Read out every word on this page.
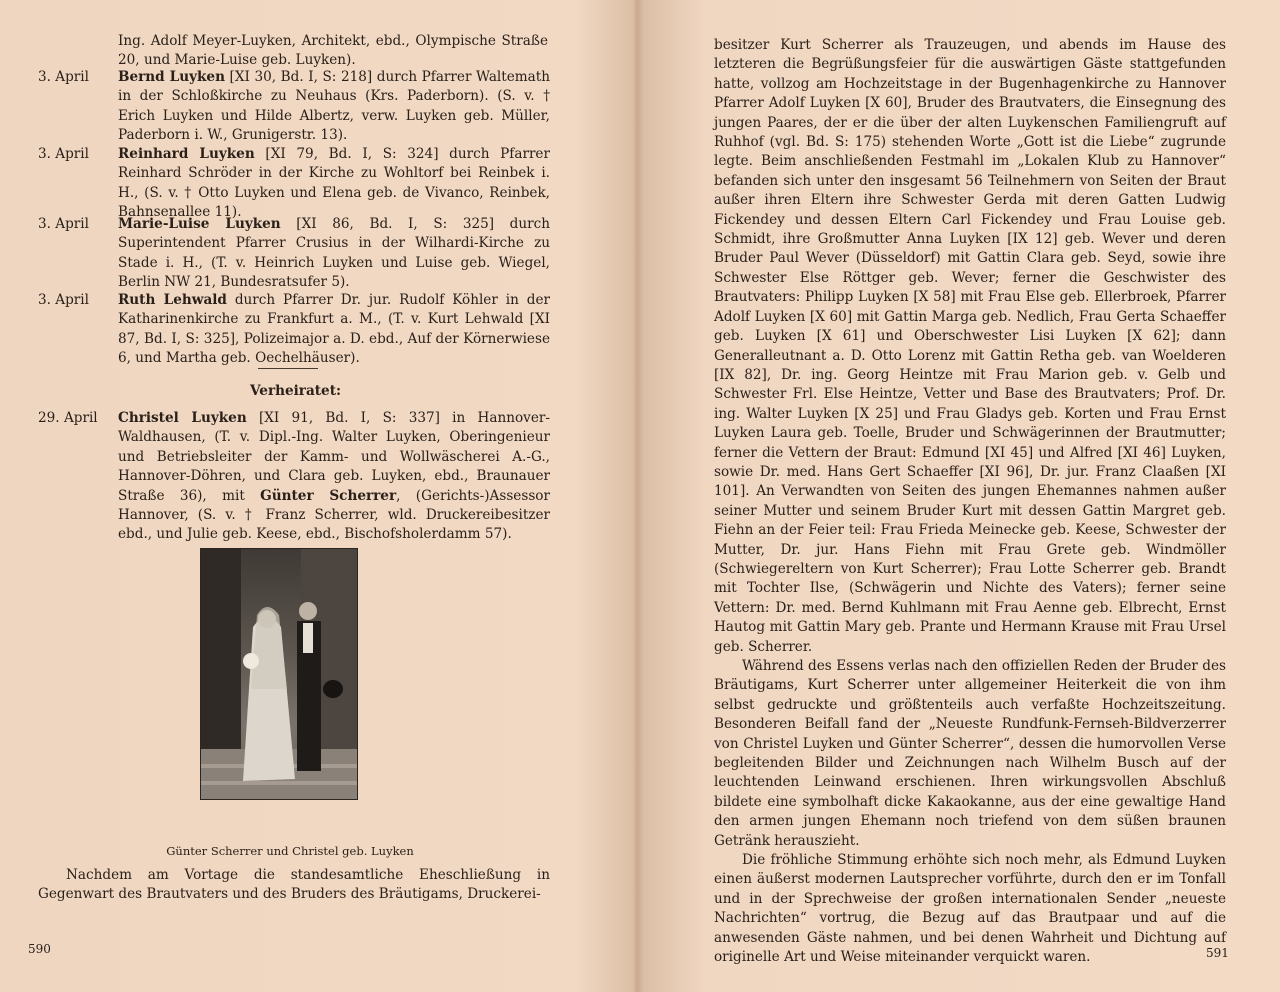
Ing. Adolf Meyer-Luyken, Architekt, ebd., Olympische Straße 20, und Marie-Luise geb. Luyken).
3. April	Bernd Luyken [XI 30, Bd. I, S: 218] durch Pfarrer Waltemath in der Schloßkirche zu Neuhaus (Krs. Paderborn). (S. v. † Erich Luyken und Hilde Albertz, verw. Luyken geb. Müller, Paderborn i. W., Grunigerstr. 13).
3. April	Reinhard Luyken [XI 79, Bd. I, S: 324] durch Pfarrer Reinhard Schröder in der Kirche zu Wohltorf bei Reinbek i. H., (S. v. † Otto Luyken und Elena geb. de Vivanco, Reinbek, Bahnsenallee 11).
3. April	Marie-Luise Luyken [XI 86, Bd. I, S: 325] durch Superintendent Pfarrer Crusius in der Wilhardi-Kirche zu Stade i. H., (T. v. Heinrich Luyken und Luise geb. Wiegel, Berlin NW 21, Bundesratsufer 5).
3. April	Ruth Lehwald durch Pfarrer Dr. jur. Rudolf Köhler in der Katharinenkirche zu Frankfurt a. M., (T. v. Kurt Lehwald [XI 87, Bd. I, S: 325], Polizeimajor a. D. ebd., Auf der Körnerwiese 6, und Martha geb. Oechelhäuser).
Verheiratet:
29. April	Christel Luyken [XI 91, Bd. I, S: 337] in Hannover-Waldhausen, (T. v. Dipl.-Ing. Walter Luyken, Oberingenieur und Betriebsleiter der Kamm- und Wollwäscherei A.-G., Hannover-Döhren, und Clara geb. Luyken, ebd., Braunauer Straße 36), mit Günter Scherrer, (Gerichts-)Assessor Hannover, (S. v. † Franz Scherrer, wld. Druckereibesitzer ebd., und Julie geb. Keese, ebd., Bischofsholerdamm 57).
Günter Scherrer und Christel geb. Luyken
Nachdem am Vortage die standesamtliche Eheschließung in Gegenwart des Brautvaters und des Bruders des Bräutigams, Druckerei-
590

besitzer Kurt Scherrer als Trauzeugen, und abends im Hause des letzteren die Begrüßungsfeier für die auswärtigen Gäste stattgefunden hatte, vollzog am Hochzeitstage in der Bugenhagenkirche zu Hannover Pfarrer Adolf Luyken [X 60], Bruder des Brautvaters, die Einsegnung des jungen Paares, der er die über der alten Luykenschen Familiengruft auf Ruhhof (vgl. Bd. S: 175) stehenden Worte „Gott ist die Liebe“ zugrunde legte. Beim anschließenden Festmahl im „Lokalen Klub zu Hannover“ befanden sich unter den insgesamt 56 Teilnehmern von Seiten der Braut außer ihren Eltern ihre Schwester Gerda mit deren Gatten Ludwig Fickendey und dessen Eltern Carl Fickendey und Frau Louise geb. Schmidt, ihre Großmutter Anna Luyken [IX 12] geb. Wever und deren Bruder Paul Wever (Düsseldorf) mit Gattin Clara geb. Seyd, sowie ihre Schwester Else Röttger geb. Wever; ferner die Geschwister des Brautvaters: Philipp Luyken [X 58] mit Frau Else geb. Ellerbroek, Pfarrer Adolf Luyken [X 60] mit Gattin Marga geb. Nedlich, Frau Gerta Schaeffer geb. Luyken [X 61] und Oberschwester Lisi Luyken [X 62]; dann Generalleutnant a. D. Otto Lorenz mit Gattin Retha geb. van Woelderen [IX 82], Dr. ing. Georg Heintze mit Frau Marion geb. v. Gelb und Schwester Frl. Else Heintze, Vetter und Base des Brautvaters; Prof. Dr. ing. Walter Luyken [X 25] und Frau Gladys geb. Korten und Frau Ernst Luyken Laura geb. Toelle, Bruder und Schwägerinnen der Brautmutter; ferner die Vettern der Braut: Edmund [XI 45] und Alfred [XI 46] Luyken, sowie Dr. med. Hans Gert Schaeffer [XI 96], Dr. jur. Franz Claaßen [XI 101]. An Verwandten von Seiten des jungen Ehemannes nahmen außer seiner Mutter und seinem Bruder Kurt mit dessen Gattin Margret geb. Fiehn an der Feier teil: Frau Frieda Meinecke geb. Keese, Schwester der Mutter, Dr. jur. Hans Fiehn mit Frau Grete geb. Windmöller (Schwiegereltern von Kurt Scherrer); Frau Lotte Scherrer geb. Brandt mit Tochter Ilse, (Schwägerin und Nichte des Vaters); ferner seine Vettern: Dr. med. Bernd Kuhlmann mit Frau Aenne geb. Elbrecht, Ernst Hautog mit Gattin Mary geb. Prante und Hermann Krause mit Frau Ursel geb. Scherrer.

Während des Essens verlas nach den offiziellen Reden der Bruder des Bräutigams, Kurt Scherrer unter allgemeiner Heiterkeit die von ihm selbst gedruckte und größtenteils auch verfaßte Hochzeitszeitung. Besonderen Beifall fand der „Neueste Rundfunk-Fernseh-Bildverzerrer von Christel Luyken und Günter Scherrer“, dessen die humorvollen Verse begleitenden Bilder und Zeichnungen nach Wilhelm Busch auf der leuchtenden Leinwand erschienen. Ihren wirkungsvollen Abschluß bildete eine symbolhaft dicke Kakaokanne, aus der eine gewaltige Hand den armen jungen Ehemann noch triefend von dem süßen braunen Getränk herauszieht.

Die fröhliche Stimmung erhöhte sich noch mehr, als Edmund Luyken einen äußerst modernen Lautsprecher vorführte, durch den er im Tonfall und in der Sprechweise der großen internationalen Sender „neueste Nachrichten“ vortrug, die Bezug auf das Brautpaar und auf die anwesenden Gäste nahmen, und bei denen Wahrheit und Dichtung auf originelle Art und Weise miteinander verquickt waren.	591
